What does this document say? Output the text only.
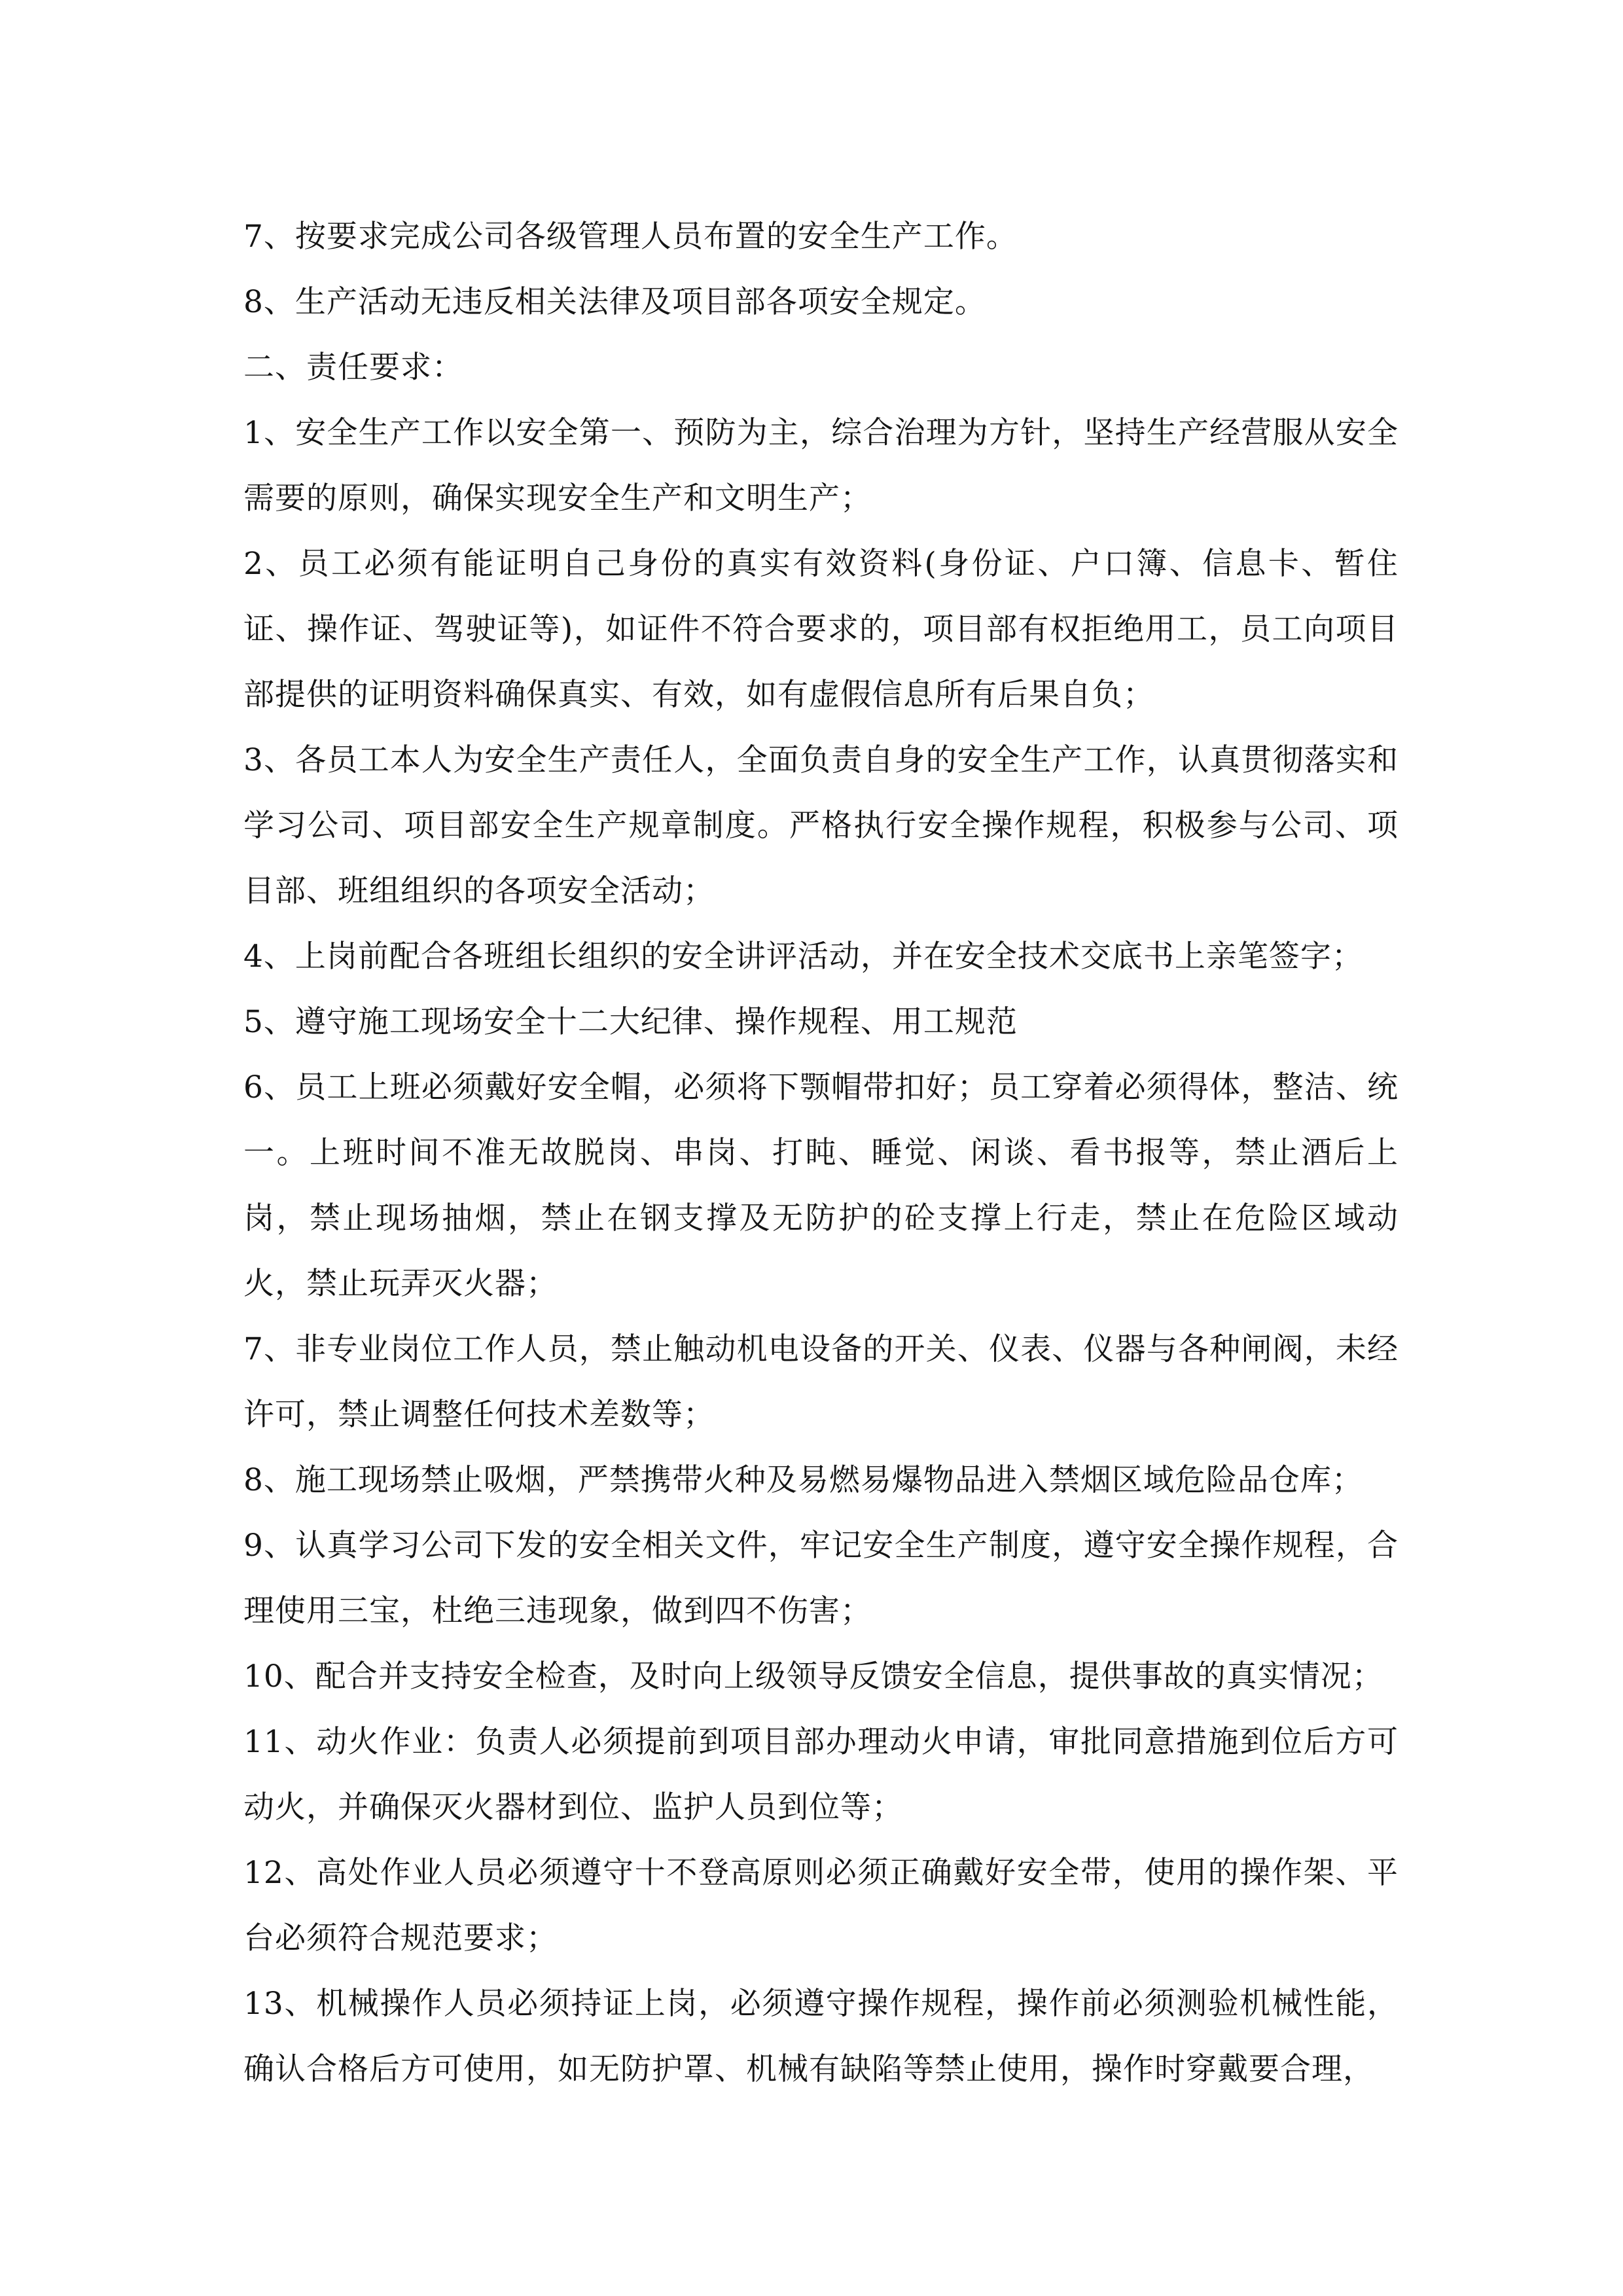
7、按要求完成公司各级管理人员布置的安全生产工作。

8、生产活动无违反相关法律及项目部各项安全规定。

二、责任要求：

1、安全生产工作以安全第一、预防为主，综合治理为方针，坚持生产经营服从安全需要的原则，确保实现安全生产和文明生产；

2、员工必须有能证明自己身份的真实有效资料(身份证、户口簿、信息卡、暂住证、操作证、驾驶证等)，如证件不符合要求的，项目部有权拒绝用工，员工向项目部提供的证明资料确保真实、有效，如有虚假信息所有后果自负；

3、各员工本人为安全生产责任人，全面负责自身的安全生产工作，认真贯彻落实和学习公司、项目部安全生产规章制度。严格执行安全操作规程，积极参与公司、项目部、班组组织的各项安全活动；

4、上岗前配合各班组长组织的安全讲评活动，并在安全技术交底书上亲笔签字；

5、遵守施工现场安全十二大纪律、操作规程、用工规范

6、员工上班必须戴好安全帽，必须将下颚帽带扣好；员工穿着必须得体，整洁、统一。上班时间不准无故脱岗、串岗、打盹、睡觉、闲谈、看书报等，禁止酒后上岗，禁止现场抽烟，禁止在钢支撑及无防护的砼支撑上行走，禁止在危险区域动火，禁止玩弄灭火器；

7、非专业岗位工作人员，禁止触动机电设备的开关、仪表、仪器与各种闸阀，未经许可，禁止调整任何技术差数等；

8、施工现场禁止吸烟，严禁携带火种及易燃易爆物品进入禁烟区域危险品仓库；

9、认真学习公司下发的安全相关文件，牢记安全生产制度，遵守安全操作规程，合理使用三宝，杜绝三违现象，做到四不伤害；

10、配合并支持安全检查，及时向上级领导反馈安全信息，提供事故的真实情况；

11、动火作业：负责人必须提前到项目部办理动火申请，审批同意措施到位后方可动火，并确保灭火器材到位、监护人员到位等；

12、高处作业人员必须遵守十不登高原则必须正确戴好安全带，使用的操作架、平台必须符合规范要求；

13、机械操作人员必须持证上岗，必须遵守操作规程，操作前必须测验机械性能，确认合格后方可使用，如无防护罩、机械有缺陷等禁止使用，操作时穿戴要合理，
